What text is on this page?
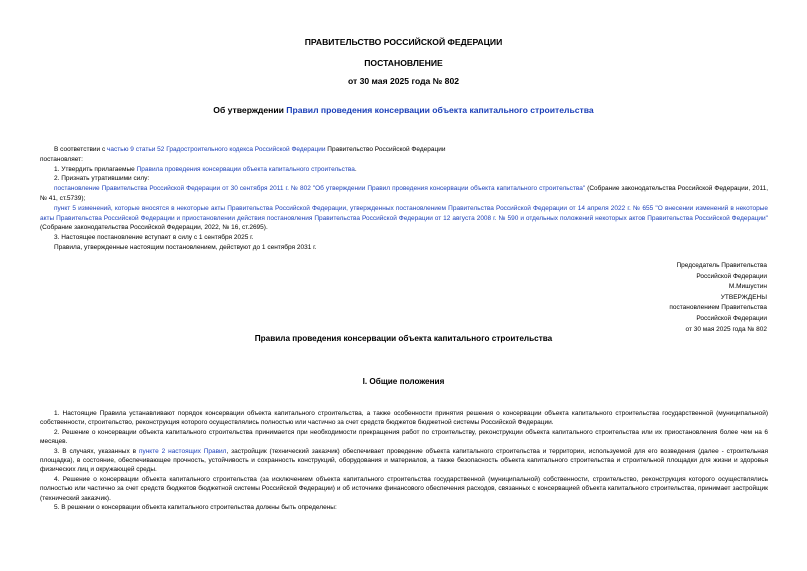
ПРАВИТЕЛЬСТВО РОССИЙСКОЙ ФЕДЕРАЦИИ
ПОСТАНОВЛЕНИЕ
от 30 мая 2025 года № 802
Об утверждении Правил проведения консервации объекта капитального строительства

В соответствии с частью 9 статьи 52 Градостроительного кодекса Российской Федерации Правительство Российской Федерации

постановляет:

1. Утвердить прилагаемые Правила проведения консервации объекта капитального строительства.

2. Признать утратившими силу:

постановление Правительства Российской Федерации от 30 сентября 2011 г. № 802 "Об утверждении Правил проведения консервации объекта капитального строительства" (Собрание законодательства Российской Федерации, 2011, № 41, ст.5739);

пункт 5 изменений, которые вносятся в некоторые акты Правительства Российской Федерации, утвержденных постановлением Правительства Российской Федерации от 14 апреля 2022 г. № 655 "О внесении изменений в некоторые акты Правительства Российской Федерации и приостановлении действия постановления Правительства Российской Федерации от 12 августа 2008 г. № 590 и отдельных положений некоторых актов Правительства Российской Федерации" (Собрание законодательства Российской Федерации, 2022, № 16, ст.2695).

3. Настоящее постановление вступает в силу с 1 сентября 2025 г.

Правила, утвержденные настоящим постановлением, действуют до 1 сентября 2031 г.

Председатель Правительства
Российской Федерации
М.Мишустин
УТВЕРЖДЕНЫ
постановлением Правительства
Российской Федерации
от 30 мая 2025 года № 802
Правила проведения консервации объекта капитального строительства
I. Общие положения

1. Настоящие Правила устанавливают порядок консервации объекта капитального строительства, а также особенности принятия решения о консервации объекта капитального строительства государственной (муниципальной) собственности, строительство, реконструкция которого осуществлялись полностью или частично за счет средств бюджетов бюджетной системы Российской Федерации.

2. Решение о консервации объекта капитального строительства принимается при необходимости прекращения работ по строительству, реконструкции объекта капитального строительства или их приостановления более чем на 6 месяцев.

3. В случаях, указанных в пункте 2 настоящих Правил, застройщик (технический заказчик) обеспечивает проведение объекта капитального строительства и территории, используемой для его возведения (далее - строительная площадка), в состояние, обеспечивающее прочность, устойчивость и сохранность конструкций, оборудования и материалов, а также безопасность объекта капитального строительства и строительной площадки для жизни и здоровья физических лиц и окружающей среды.

4. Решение о консервации объекта капитального строительства (за исключением объекта капитального строительства государственной (муниципальной) собственности, строительство, реконструкция которого осуществлялись полностью или частично за счет средств бюджетов бюджетной системы Российской Федерации) и об источнике финансового обеспечения расходов, связанных с консервацией объекта капитального строительства, принимает застройщик (технический заказчик).

5. В решении о консервации объекта капитального строительства должны быть определены:
